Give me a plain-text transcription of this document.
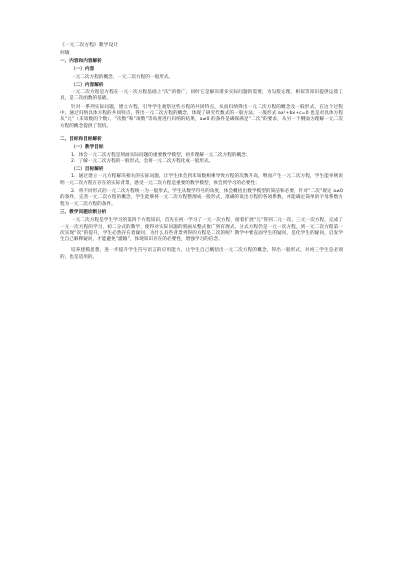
《一元二次方程》教学设计
何敏
一、内容和内容解析
（一）内容
一元二次方程的概念，一元二次方程的一般形式。
（二）内容解析
一元二次方程是方程在一元一次方程基础上“次”的推广，同时它是解决诸多实际问题的需要，为勾股定理、相似等知识提供运算工具，是二次函数的基础。
针对一系列实际问题，建立方程，引导学生观察这些方程的共同特点，从而归纳得出一元二次方程的概念及一般形式。在这个过程中，通过归纳具体方程的共同特点，得出一元二次方程的概念，体现了研究代数式的一般方法；一般形式 ax²+bx+c=0 也是对具体方程从“元”（未知数的个数）、“次数”和“项数”等角度进行归纳的结果，a≠0 的条件是确保满足“二次”的要求，从另一个侧面为理解一元二次方程的概念提供了契机。
二、目标和目标解析
（一）教学目标
1．体会一元二次方程是刻画实际问题的重要数学模型，初步理解一元二次方程的概念；
2．了解一元二次方程的一般形式，会将一元二次方程化成一般形式。
（二）目标解析
1．通过建立一元方程解决相关的实际问题，让学生体会到未知数相乘导致方程的次数升高，继而产生一元二次方程，学生能举例说明一元二次方程在存在的实际背景，感受一元二次方程是重要的数学模型，体会到学习的必要性；
2．将不同形式的一元二次方程统一为一般形式，学生从数学符号的角度，体会概括出数学模型的简洁和必要，针对“二次”规定 a≠0 的条件，完善一元二次方程的概念，学生能够将一元二次方程整理成一般形式，准确的说出方程的各项系数，并能确定简单的字母系数方程为一元二次方程的条件。
三、教学问题诊断分析
一元二次方程是学生学习的第四个方程知识，首先在初一学习了一元一次方程，接着扩展“元”得到二元一次、三元一次方程，完成了一元一次方程的学习，初二分式的教学，使得对实际问题的刻画从整式推广到有理式，分式方程仍是一元一次方程，到一元二次方程第一次实现“次”的提升，学生必然存在着疑问，为什么有些背景列得的方程是二次的呢？教学中要直面学生的疑问，是化学生的疑问，启发学生自己解释疑问，才能避免“灌输”，体现知识存在的必要性，增强学习的信念。
培养建模思想，进一步提升学生符号语言的应用能力，让学生自己概括出一元二次方程的概念，得出一般形式，对初三学生是必须的，也是适用的。
